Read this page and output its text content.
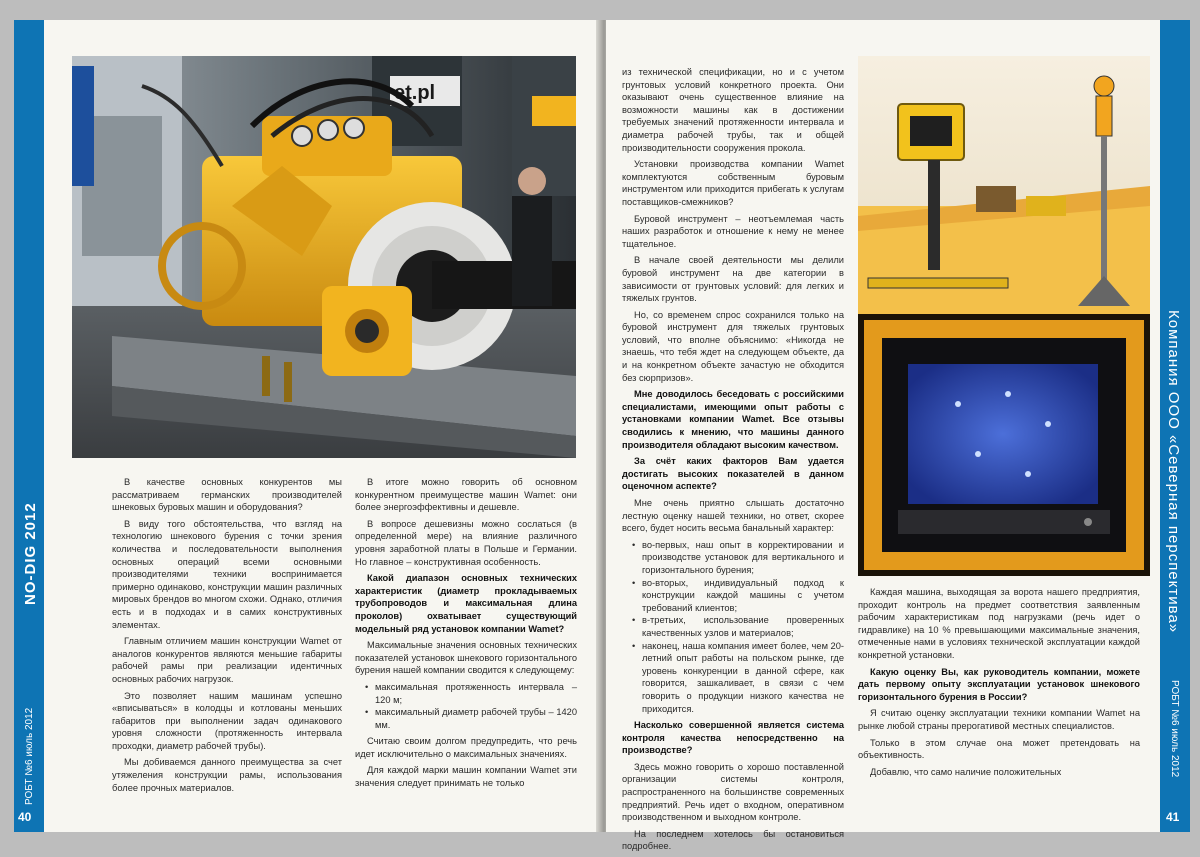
NO-DIG 2012
РОБТ №6 июль 2012
40
et.pl

В качестве основных конкурентов мы рассматриваем германских производителей шнековых буровых машин и оборудования?

В виду того обстоятельства, что взгляд на технологию шнекового бурения с точки зрения количества и последовательности выполнения основных операций всеми основными производителями техники воспринимается примерно одинаково, конструкции машин различных мировых брендов во многом схожи. Однако, отличия есть и в подходах и в самих конструктивных элементах.

Главным отличием машин конструкции Wamet от аналогов конкурентов являются меньшие габариты рабочей рамы при реализации идентичных основных рабочих нагрузок.

Это позволяет нашим машинам успешно «вписываться» в колодцы и котлованы меньших габаритов при выполнении задач одинакового уровня сложности (протяженность интервала проходки, диаметр рабочей трубы).

Мы добиваемся данного преимущества за счет утяжеления конструкции рамы, использования более прочных материалов.

В итоге можно говорить об основном конкурентном преимуществе машин Wamet: они более энергоэффективны и дешевле.

В вопросе дешевизны можно сослаться (в определенной мере) на влияние различного уровня заработной платы в Польше и Германии. Но главное – конструктивная особенность.

Какой диапазон основных технических характеристик (диаметр прокладываемых трубопроводов и максимальная длина проколов) охватывает существующий модельный ряд установок компании Wamet?

Максимальные значения основных технических показателей установок шнекового горизонтального бурения нашей компании сводится к следующему:

• максимальная протяженность интервала – 120 м;
• максимальный диаметр рабочей трубы – 1420 мм.

Считаю своим долгом предупредить, что речь идет исключительно о максимальных значениях.

Для каждой марки машин компании Wamet эти значения следует принимать не только

из технической спецификации, но и с учетом грунтовых условий конкретного проекта. Они оказывают очень существенное влияние на возможности машины как в достижении требуемых значений протяженности интервала и диаметра рабочей трубы, так и общей производительности сооружения прокола.

Установки производства компании Wamet комплектуются собственным буровым инструментом или приходится прибегать к услугам поставщиков-смежников?

Буровой инструмент – неотъемлемая часть наших разработок и отношение к нему не менее тщательное.

В начале своей деятельности мы делили буровой инструмент на две категории в зависимости от грунтовых условий: для легких и тяжелых грунтов.

Но, со временем спрос сохранился только на буровой инструмент для тяжелых грунтовых условий, что вполне объяснимо: «Никогда не знаешь, что тебя ждет на следующем объекте, да и на конкретном объекте зачастую не обходится без сюрпризов».

Мне доводилось беседовать с российскими специалистами, имеющими опыт работы с установками компании Wamet. Все отзывы сводились к мнению, что машины данного производителя обладают высоким качеством.

За счёт каких факторов Вам удается достигать высоких показателей в данном оценочном аспекте?

Мне очень приятно слышать достаточно лестную оценку нашей техники, но ответ, скорее всего, будет носить весьма банальный характер:

• во-первых, наш опыт в корректировании и производстве установок для вертикального и горизонтального бурения;
• во-вторых, индивидуальный подход к конструкции каждой машины с учетом требований клиентов;
• в-третьих, использование проверенных качественных узлов и материалов;
• наконец, наша компания имеет более, чем 20-летний опыт работы на польском рынке, где уровень конкуренции в данной сфере, как говорится, зашкаливает, в связи с чем говорить о продукции низкого качества не приходится.

Насколько совершенной является система контроля качества непосредственно на производстве?

Здесь можно говорить о хорошо поставленной организации системы контроля, распространенного на большинстве современных предприятий. Речь идет о входном, оперативном производственном и выходном контроле.

На последнем хотелось бы остановиться подробнее.

Каждая машина, выходящая за ворота нашего предприятия, проходит контроль на предмет соответствия заявленным рабочим характеристикам под нагрузками (речь идет о гидравлике) на 10 % превышающими максимальные значения, отмеченные нами в условиях технической эксплуатации каждой конкретной установки.

Какую оценку Вы, как руководитель компании, можете дать первому опыту эксплуатации установок шнекового горизонтального бурения в России?

Я считаю оценку эксплуатации техники компании Wamet на рынке любой страны прерогативой местных специалистов.

Только в этом случае она может претендовать на объективность.

Добавлю, что само наличие положительных

Компания ООО «Северная перспектива»
РОБТ №6 июль 2012
41
